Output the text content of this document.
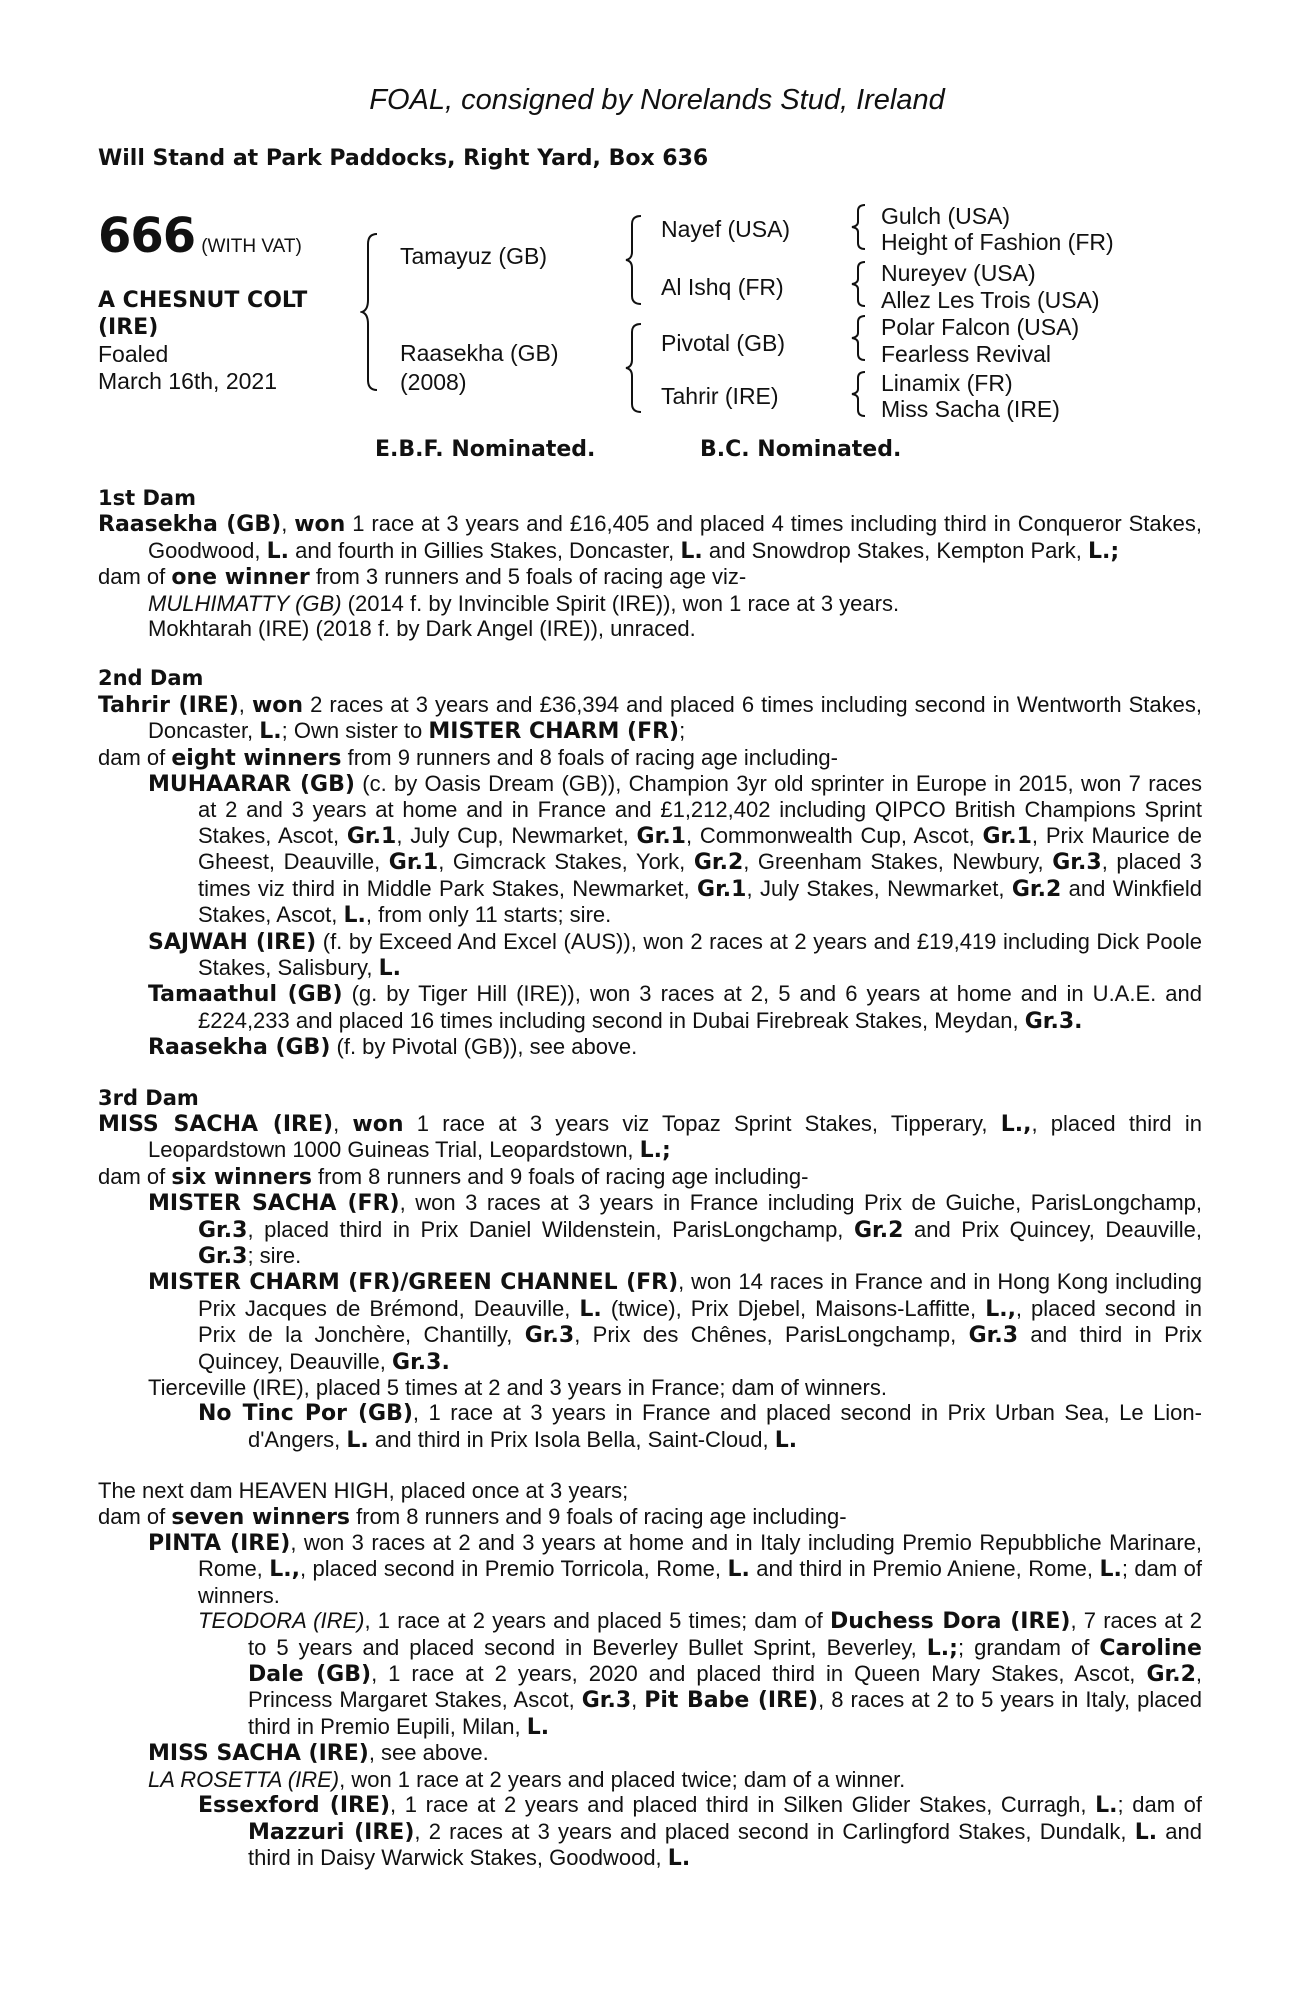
FOAL, consigned by Norelands Stud, Ireland
Will Stand at Park Paddocks, Right Yard, Box 636
666 (WITH VAT)
A CHESNUT COLT
(IRE)
Foaled
March 16th, 2021
Tamayuz (GB)
Raasekha (GB)
(2008)
Nayef (USA)
Al Ishq (FR)
Pivotal (GB)
Tahrir (IRE)
Gulch (USA)
Height of Fashion (FR)
Nureyev (USA)
Allez Les Trois (USA)
Polar Falcon (USA)
Fearless Revival
Linamix (FR)
Miss Sacha (IRE)
E.B.F. Nominated.	B.C. Nominated.
1st Dam
Raasekha (GB), won 1 race at 3 years and £16,405 and placed 4 times including third in Conqueror Stakes, Goodwood, L. and fourth in Gillies Stakes, Doncaster, L. and Snowdrop Stakes, Kempton Park, L.;
dam of one winner from 3 runners and 5 foals of racing age viz-
MULHIMATTY (GB) (2014 f. by Invincible Spirit (IRE)), won 1 race at 3 years.
Mokhtarah (IRE) (2018 f. by Dark Angel (IRE)), unraced.
2nd Dam
Tahrir (IRE), won 2 races at 3 years and £36,394 and placed 6 times including second in Wentworth Stakes, Doncaster, L.; Own sister to MISTER CHARM (FR);
dam of eight winners from 9 runners and 8 foals of racing age including-
MUHAARAR (GB) (c. by Oasis Dream (GB)), Champion 3yr old sprinter in Europe in 2015, won 7 races at 2 and 3 years at home and in France and £1,212,402 including QIPCO British Champions Sprint Stakes, Ascot, Gr.1, July Cup, Newmarket, Gr.1, Commonwealth Cup, Ascot, Gr.1, Prix Maurice de Gheest, Deauville, Gr.1, Gimcrack Stakes, York, Gr.2, Greenham Stakes, Newbury, Gr.3, placed 3 times viz third in Middle Park Stakes, Newmarket, Gr.1, July Stakes, Newmarket, Gr.2 and Winkfield Stakes, Ascot, L., from only 11 starts; sire.
SAJWAH (IRE) (f. by Exceed And Excel (AUS)), won 2 races at 2 years and £19,419 including Dick Poole Stakes, Salisbury, L.
Tamaathul (GB) (g. by Tiger Hill (IRE)), won 3 races at 2, 5 and 6 years at home and in U.A.E. and £224,233 and placed 16 times including second in Dubai Firebreak Stakes, Meydan, Gr.3.
Raasekha (GB) (f. by Pivotal (GB)), see above.
3rd Dam
MISS SACHA (IRE), won 1 race at 3 years viz Topaz Sprint Stakes, Tipperary, L.,, placed third in Leopardstown 1000 Guineas Trial, Leopardstown, L.;
dam of six winners from 8 runners and 9 foals of racing age including-
MISTER SACHA (FR), won 3 races at 3 years in France including Prix de Guiche, ParisLongchamp, Gr.3, placed third in Prix Daniel Wildenstein, ParisLongchamp, Gr.2 and Prix Quincey, Deauville, Gr.3; sire.
MISTER CHARM (FR)/GREEN CHANNEL (FR), won 14 races in France and in Hong Kong including Prix Jacques de Brémond, Deauville, L. (twice), Prix Djebel, Maisons-Laffitte, L.,, placed second in Prix de la Jonchère, Chantilly, Gr.3, Prix des Chênes, ParisLongchamp, Gr.3 and third in Prix Quincey, Deauville, Gr.3.
Tierceville (IRE), placed 5 times at 2 and 3 years in France; dam of winners.
No Tinc Por (GB), 1 race at 3 years in France and placed second in Prix Urban Sea, Le Lion-d'Angers, L. and third in Prix Isola Bella, Saint-Cloud, L.
The next dam HEAVEN HIGH, placed once at 3 years;
dam of seven winners from 8 runners and 9 foals of racing age including-
PINTA (IRE), won 3 races at 2 and 3 years at home and in Italy including Premio Repubbliche Marinare, Rome, L.,, placed second in Premio Torricola, Rome, L. and third in Premio Aniene, Rome, L.; dam of winners.
TEODORA (IRE), 1 race at 2 years and placed 5 times; dam of Duchess Dora (IRE), 7 races at 2 to 5 years and placed second in Beverley Bullet Sprint, Beverley, L.;; grandam of Caroline Dale (GB), 1 race at 2 years, 2020 and placed third in Queen Mary Stakes, Ascot, Gr.2, Princess Margaret Stakes, Ascot, Gr.3, Pit Babe (IRE), 8 races at 2 to 5 years in Italy, placed third in Premio Eupili, Milan, L.
MISS SACHA (IRE), see above.
LA ROSETTA (IRE), won 1 race at 2 years and placed twice; dam of a winner.
Essexford (IRE), 1 race at 2 years and placed third in Silken Glider Stakes, Curragh, L.; dam of Mazzuri (IRE), 2 races at 3 years and placed second in Carlingford Stakes, Dundalk, L. and third in Daisy Warwick Stakes, Goodwood, L.
